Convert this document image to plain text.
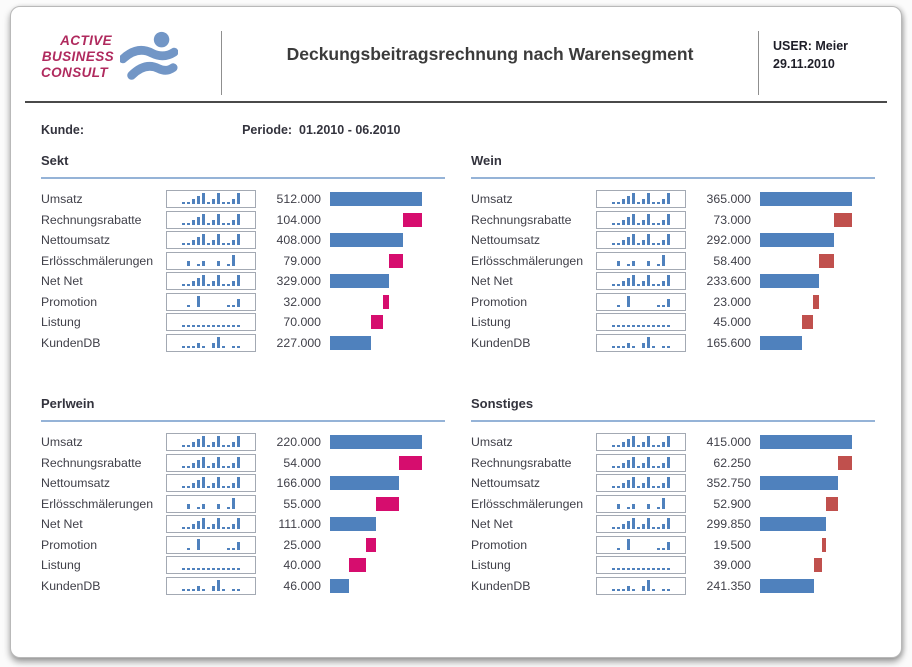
ACTIVE
BUSINESS
CONSULT
Deckungsbeitragsrechnung nach Warensegment	USER: Meier
29.11.2010
Kunde:	Periode: 01.2010 - 06.2010
Sekt
Umsatz	512.000
Rechnungsrabatte	104.000
Nettoumsatz	408.000
Erlösschmälerungen	79.000
Net Net	329.000
Promotion	32.000
Listung	70.000
KundenDB	227.000
Wein
Umsatz	365.000
Rechnungsrabatte	73.000
Nettoumsatz	292.000
Erlösschmälerungen	58.400
Net Net	233.600
Promotion	23.000
Listung	45.000
KundenDB	165.600
Perlwein
Umsatz	220.000
Rechnungsrabatte	54.000
Nettoumsatz	166.000
Erlösschmälerungen	55.000
Net Net	111.000
Promotion	25.000
Listung	40.000
KundenDB	46.000
Sonstiges
Umsatz	415.000
Rechnungsrabatte	62.250
Nettoumsatz	352.750
Erlösschmälerungen	52.900
Net Net	299.850
Promotion	19.500
Listung	39.000
KundenDB	241.350
